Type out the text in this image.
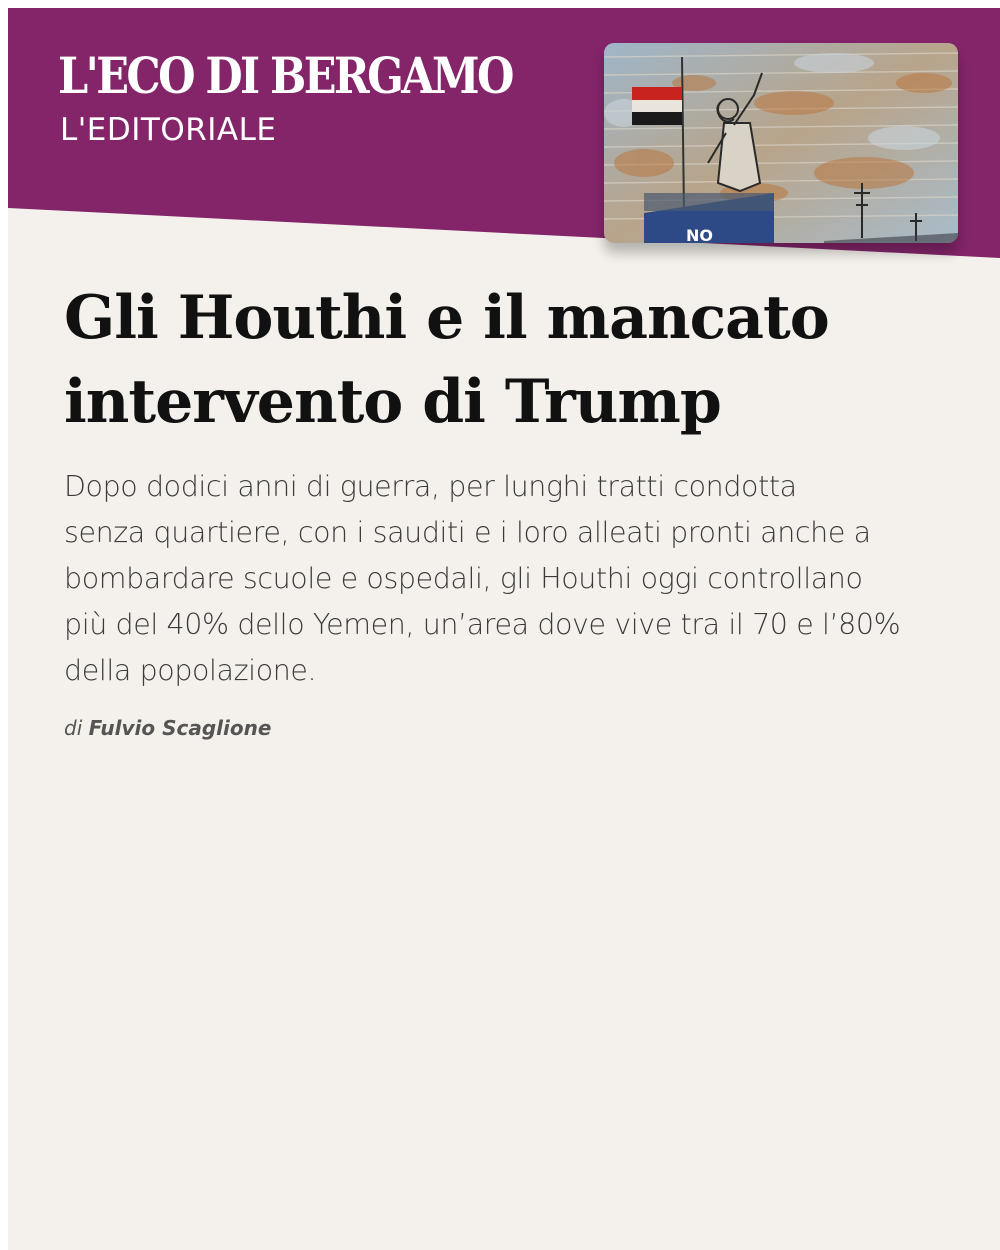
L'ECO DI BERGAMO
L'EDITORIALE
NO
Gli Houthi e il mancato
intervento di Trump
Dopo dodici anni di guerra, per lunghi tratti condotta
senza quartiere, con i sauditi e i loro alleati pronti anche a
bombardare scuole e ospedali, gli Houthi oggi controllano
più del 40% dello Yemen, un’area dove vive tra il 70 e l’80%
della popolazione.
di Fulvio Scaglione
